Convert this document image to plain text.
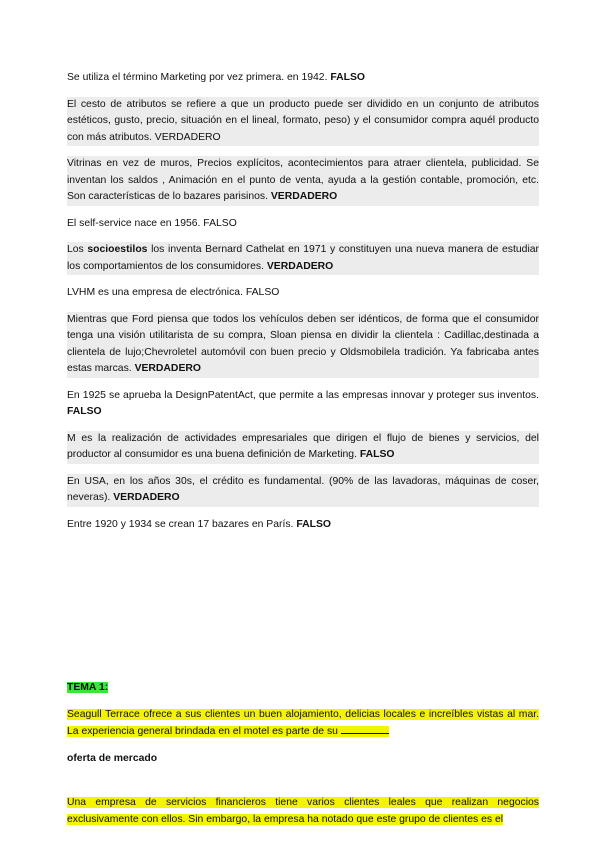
Se utiliza el término Marketing por vez primera. en 1942. FALSO

El cesto de atributos se refiere a que un producto puede ser dividido en un conjunto de atributos estéticos, gusto, precio, situación en el lineal, formato, peso) y el consumidor compra aquél producto con más atributos. VERDADERO

Vitrinas en vez de muros, Precios explícitos, acontecimientos para atraer clientela, publicidad. Se inventan los saldos , Animación en el punto de venta, ayuda a la gestión contable, promoción, etc. Son características de lo bazares parisinos. VERDADERO

El self-service nace en 1956. FALSO

Los socioestilos los inventa Bernard Cathelat en 1971 y constituyen una nueva manera de estudiar los comportamientos de los consumidores. VERDADERO

LVHM es una empresa de electrónica. FALSO

Mientras que Ford piensa que todos los vehículos deben ser idénticos, de forma que el consumidor tenga una visión utilitarista de su compra, Sloan piensa en dividir la clientela : Cadillac,destinada a clientela de lujo;Chevroletel automóvil con buen precio y Oldsmobilela tradición. Ya fabricaba antes estas marcas. VERDADERO

En 1925 se aprueba la DesignPatentAct, que permite a las empresas innovar y proteger sus inventos. FALSO

M es la realización de actividades empresariales que dirigen el flujo de bienes y servicios, del productor al consumidor es una buena definición de Marketing. FALSO

En USA, en los años 30s, el crédito es fundamental. (90% de las lavadoras, máquinas de coser, neveras). VERDADERO

Entre 1920 y 1934 se crean 17 bazares en París. FALSO

TEMA 1:

Seagull Terrace ofrece a sus clientes un buen alojamiento, delicias locales e increíbles vistas al mar. La experiencia general brindada en el motel es parte de su

oferta de mercado

Una empresa de servicios financieros tiene varios clientes leales que realizan negocios exclusivamente con ellos. Sin embargo, la empresa ha notado que este grupo de clientes es el
